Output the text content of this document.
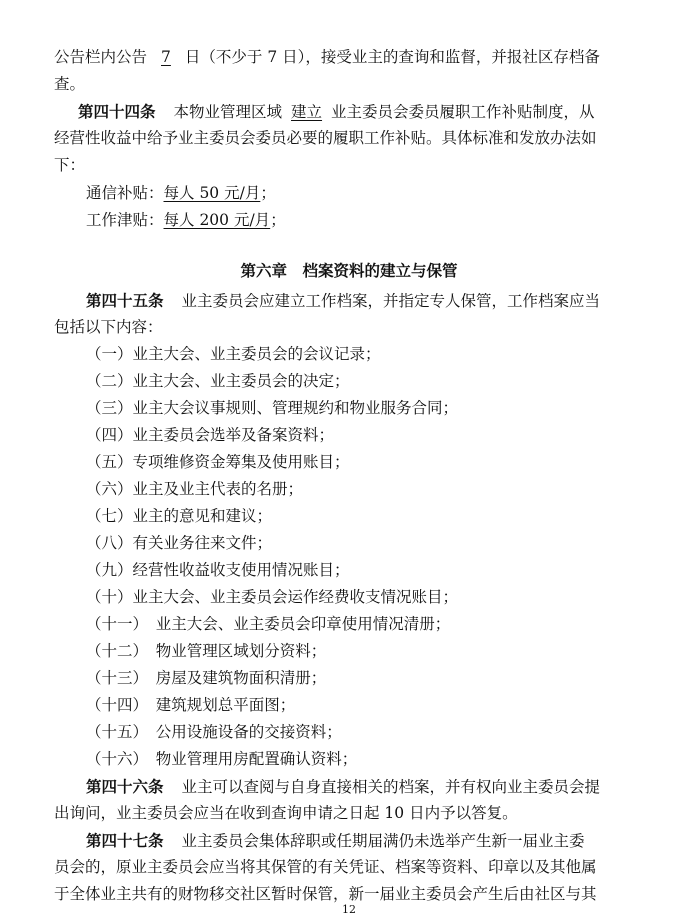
公告栏内公告 7 日（不少于 7 日），接受业主的查询和监督，并报社区存档备
查。
第四十四条 本物业管理区域 建立 业主委员会委员履职工作补贴制度，从
经营性收益中给予业主委员会委员必要的履职工作补贴。具体标准和发放办法如
下：
通信补贴：每人 50 元/月；
工作津贴：每人 200 元/月；
第六章　档案资料的建立与保管
第四十五条 业主委员会应建立工作档案，并指定专人保管，工作档案应当
包括以下内容：
（一）业主大会、业主委员会的会议记录；
（二）业主大会、业主委员会的决定；
（三）业主大会议事规则、管理规约和物业服务合同；
（四）业主委员会选举及备案资料；
（五）专项维修资金筹集及使用账目；
（六）业主及业主代表的名册；
（七）业主的意见和建议；
（八）有关业务往来文件；
（九）经营性收益收支使用情况账目；
（十）业主大会、业主委员会运作经费收支情况账目；
（十一）　业主大会、业主委员会印章使用情况清册；
（十二）　物业管理区域划分资料；
（十三）　房屋及建筑物面积清册；
（十四）　建筑规划总平面图；
（十五）　公用设施设备的交接资料；
（十六）　物业管理用房配置确认资料；
第四十六条 业主可以查阅与自身直接相关的档案，并有权向业主委员会提
出询问，业主委员会应当在收到查询申请之日起 10 日内予以答复。
第四十七条 业主委员会集体辞职或任期届满仍未选举产生新一届业主委
员会的，原业主委员会应当将其保管的有关凭证、档案等资料、印章以及其他属
于全体业主共有的财物移交社区暂时保管，新一届业主委员会产生后由社区与其
12
